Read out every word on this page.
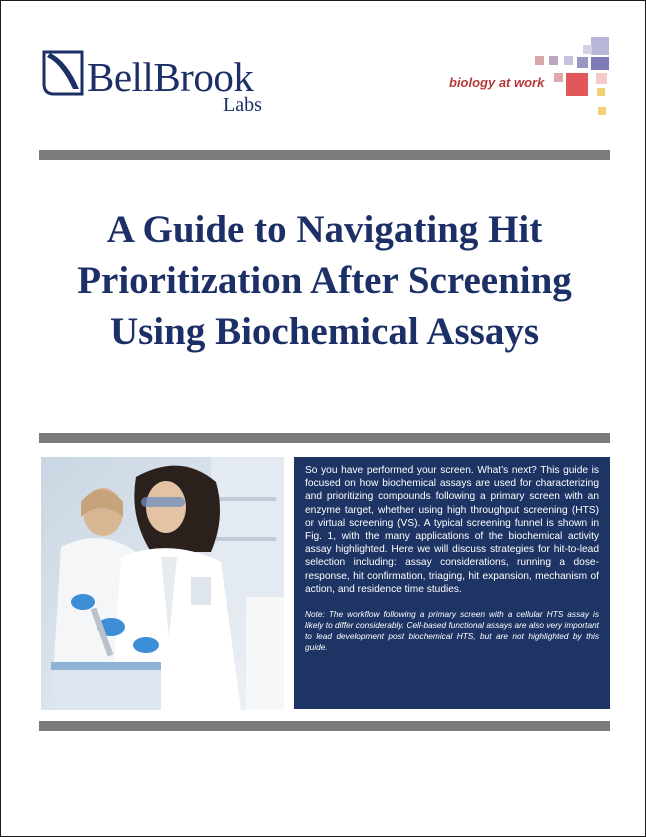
BellBrook
Labs
biology at work
A Guide to Navigating Hit
Prioritization After Screening
Using Biochemical Assays

So you have performed your screen. What’s next? This guide is focused on how biochemical assays are used for characterizing and prioritizing compounds following a primary screen with an enzyme target, whether using high throughput screening (HTS) or virtual screening (VS). A typical screening funnel is shown in Fig. 1, with the many applications of the biochemical activity assay highlighted. Here we will discuss strategies for hit-to-lead selection including: assay considerations, running a dose-response, hit confirmation, triaging, hit expansion, mechanism of action, and residence time studies.

Note: The workflow following a primary screen with a cellular HTS assay is likely to differ considerably. Cell-based functional assays are also very important to lead development post biochemical HTS, but are not highlighted by this guide.
